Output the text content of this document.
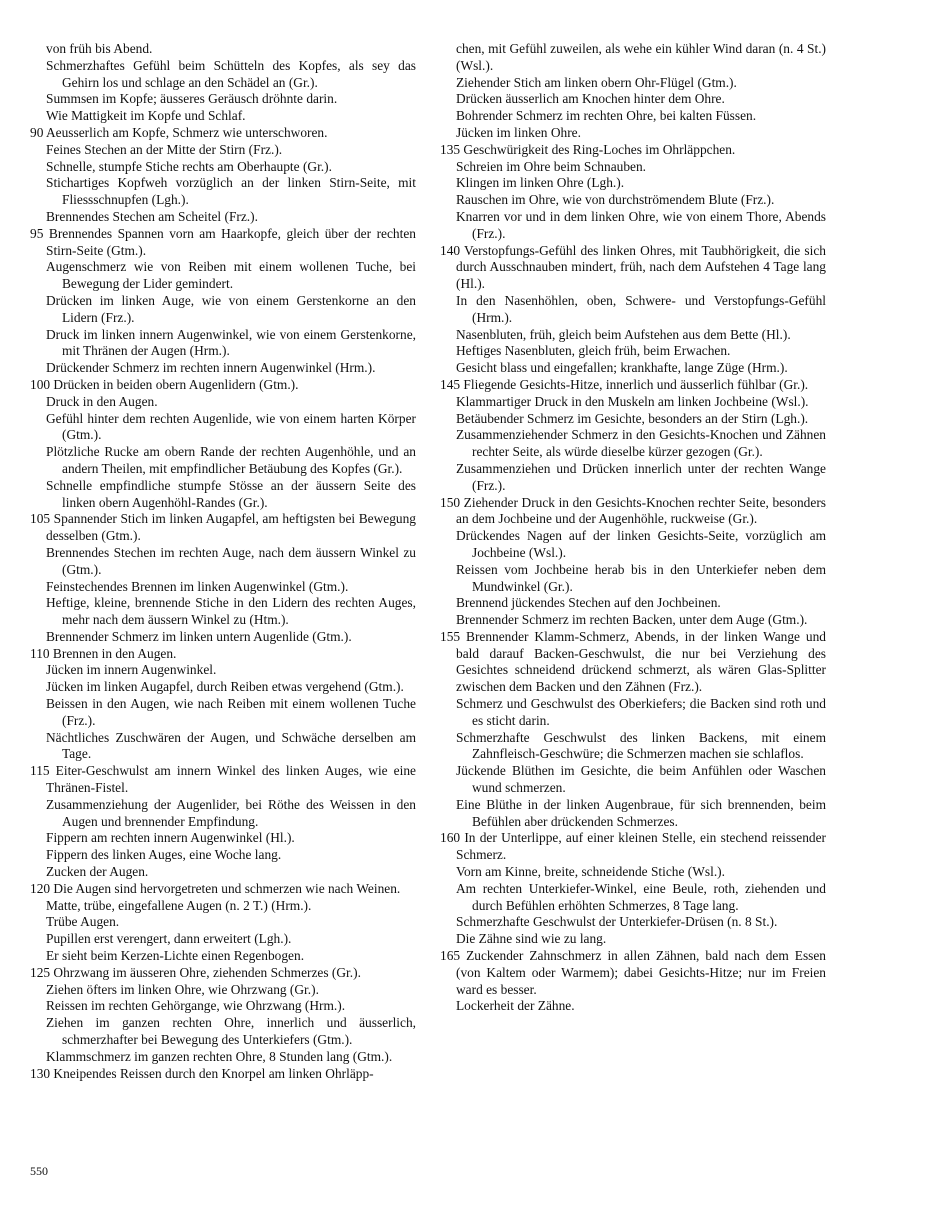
von früh bis Abend.
Schmerzhaftes Gefühl beim Schütteln des Kopfes, als sey das Gehirn los und schlage an den Schädel an (Gr.).
Summsen im Kopfe; äusseres Geräusch dröhnte darin.
Wie Mattigkeit im Kopfe und Schlaf.
90 Aeusserlich am Kopfe, Schmerz wie unterschworen.
Feines Stechen an der Mitte der Stirn (Frz.).
Schnelle, stumpfe Stiche rechts am Oberhaupte (Gr.).
Stichartiges Kopfweh vorzüglich an der linken Stirn-Seite, mit Fliessschnupfen (Lgh.).
Brennendes Stechen am Scheitel (Frz.).
95 Brennendes Spannen vorn am Haarkopfe, gleich über der rechten Stirn-Seite (Gtm.).
Augenschmerz wie von Reiben mit einem wollenen Tuche, bei Bewegung der Lider gemindert.
Drücken im linken Auge, wie von einem Gerstenkorne an den Lidern (Frz.).
Druck im linken innern Augenwinkel, wie von einem Gerstenkorne, mit Thränen der Augen (Hrm.).
Drückender Schmerz im rechten innern Augenwinkel (Hrm.).
100 Drücken in beiden obern Augenlidern (Gtm.).
Druck in den Augen.
Gefühl hinter dem rechten Augenlide, wie von einem harten Körper (Gtm.).
Plötzliche Rucke am obern Rande der rechten Augenhöhle, und an andern Theilen, mit empfindlicher Betäubung des Kopfes (Gr.).
Schnelle empfindliche stumpfe Stösse an der äussern Seite des linken obern Augenhöhl-Randes (Gr.).
105 Spannender Stich im linken Augapfel, am heftigsten bei Bewegung desselben (Gtm.).
Brennendes Stechen im rechten Auge, nach dem äussern Winkel zu (Gtm.).
Feinstechendes Brennen im linken Augenwinkel (Gtm.).
Heftige, kleine, brennende Stiche in den Lidern des rechten Auges, mehr nach dem äussern Winkel zu (Htm.).
Brennender Schmerz im linken untern Augenlide (Gtm.).
110 Brennen in den Augen.
Jücken im innern Augenwinkel.
Jücken im linken Augapfel, durch Reiben etwas vergehend (Gtm.).
Beissen in den Augen, wie nach Reiben mit einem wollenen Tuche (Frz.).
Nächtliches Zuschwären der Augen, und Schwäche derselben am Tage.
115 Eiter-Geschwulst am innern Winkel des linken Auges, wie eine Thränen-Fistel.
Zusammenziehung der Augenlider, bei Röthe des Weissen in den Augen und brennender Empfindung.
Fippern am rechten innern Augenwinkel (Hl.).
Fippern des linken Auges, eine Woche lang.
Zucken der Augen.
120 Die Augen sind hervorgetreten und schmerzen wie nach Weinen.
Matte, trübe, eingefallene Augen (n. 2 T.) (Hrm.).
Trübe Augen.
Pupillen erst verengert, dann erweitert (Lgh.).
Er sieht beim Kerzen-Lichte einen Regenbogen.
125 Ohrzwang im äusseren Ohre, ziehenden Schmerzes (Gr.).
Ziehen öfters im linken Ohre, wie Ohrzwang (Gr.).
Reissen im rechten Gehörgange, wie Ohrzwang (Hrm.).
Ziehen im ganzen rechten Ohre, innerlich und äusserlich, schmerzhafter bei Bewegung des Unterkiefers (Gtm.).
Klammschmerz im ganzen rechten Ohre, 8 Stunden lang (Gtm.).
130 Kneipendes Reissen durch den Knorpel am linken Ohrläpp-
chen, mit Gefühl zuweilen, als wehe ein kühler Wind daran (n. 4 St.) (Wsl.).
Ziehender Stich am linken obern Ohr-Flügel (Gtm.).
Drücken äusserlich am Knochen hinter dem Ohre.
Bohrender Schmerz im rechten Ohre, bei kalten Füssen.
Jücken im linken Ohre.
135 Geschwürigkeit des Ring-Loches im Ohrläppchen.
Schreien im Ohre beim Schnauben.
Klingen im linken Ohre (Lgh.).
Rauschen im Ohre, wie von durchströmendem Blute (Frz.).
Knarren vor und in dem linken Ohre, wie von einem Thore, Abends (Frz.).
140 Verstopfungs-Gefühl des linken Ohres, mit Taubhörigkeit, die sich durch Ausschnauben mindert, früh, nach dem Aufstehen 4 Tage lang (Hl.).
In den Nasenhöhlen, oben, Schwere- und Verstopfungs-Gefühl (Hrm.).
Nasenbluten, früh, gleich beim Aufstehen aus dem Bette (Hl.).
Heftiges Nasenbluten, gleich früh, beim Erwachen.
Gesicht blass und eingefallen; krankhafte, lange Züge (Hrm.).
145 Fliegende Gesichts-Hitze, innerlich und äusserlich fühlbar (Gr.).
Klammartiger Druck in den Muskeln am linken Jochbeine (Wsl.).
Betäubender Schmerz im Gesichte, besonders an der Stirn (Lgh.).
Zusammenziehender Schmerz in den Gesichts-Knochen und Zähnen rechter Seite, als würde dieselbe kürzer gezogen (Gr.).
Zusammenziehen und Drücken innerlich unter der rechten Wange (Frz.).
150 Ziehender Druck in den Gesichts-Knochen rechter Seite, besonders an dem Jochbeine und der Augenhöhle, ruckweise (Gr.).
Drückendes Nagen auf der linken Gesichts-Seite, vorzüglich am Jochbeine (Wsl.).
Reissen vom Jochbeine herab bis in den Unterkiefer neben dem Mundwinkel (Gr.).
Brennend jückendes Stechen auf den Jochbeinen.
Brennender Schmerz im rechten Backen, unter dem Auge (Gtm.).
155 Brennender Klamm-Schmerz, Abends, in der linken Wange und bald darauf Backen-Geschwulst, die nur bei Verziehung des Gesichtes schneidend drückend schmerzt, als wären Glas-Splitter zwischen dem Backen und den Zähnen (Frz.).
Schmerz und Geschwulst des Oberkiefers; die Backen sind roth und es sticht darin.
Schmerzhafte Geschwulst des linken Backens, mit einem Zahnfleisch-Geschwüre; die Schmerzen machen sie schlaflos.
Jückende Blüthen im Gesichte, die beim Anfühlen oder Waschen wund schmerzen.
Eine Blüthe in der linken Augenbraue, für sich brennenden, beim Befühlen aber drückenden Schmerzes.
160 In der Unterlippe, auf einer kleinen Stelle, ein stechend reissender Schmerz.
Vorn am Kinne, breite, schneidende Stiche (Wsl.).
Am rechten Unterkiefer-Winkel, eine Beule, roth, ziehenden und durch Befühlen erhöhten Schmerzes, 8 Tage lang.
Schmerzhafte Geschwulst der Unterkiefer-Drüsen (n. 8 St.).
Die Zähne sind wie zu lang.
165 Zuckender Zahnschmerz in allen Zähnen, bald nach dem Essen (von Kaltem oder Warmem); dabei Gesichts-Hitze; nur im Freien ward es besser.
Lockerheit der Zähne.
550
